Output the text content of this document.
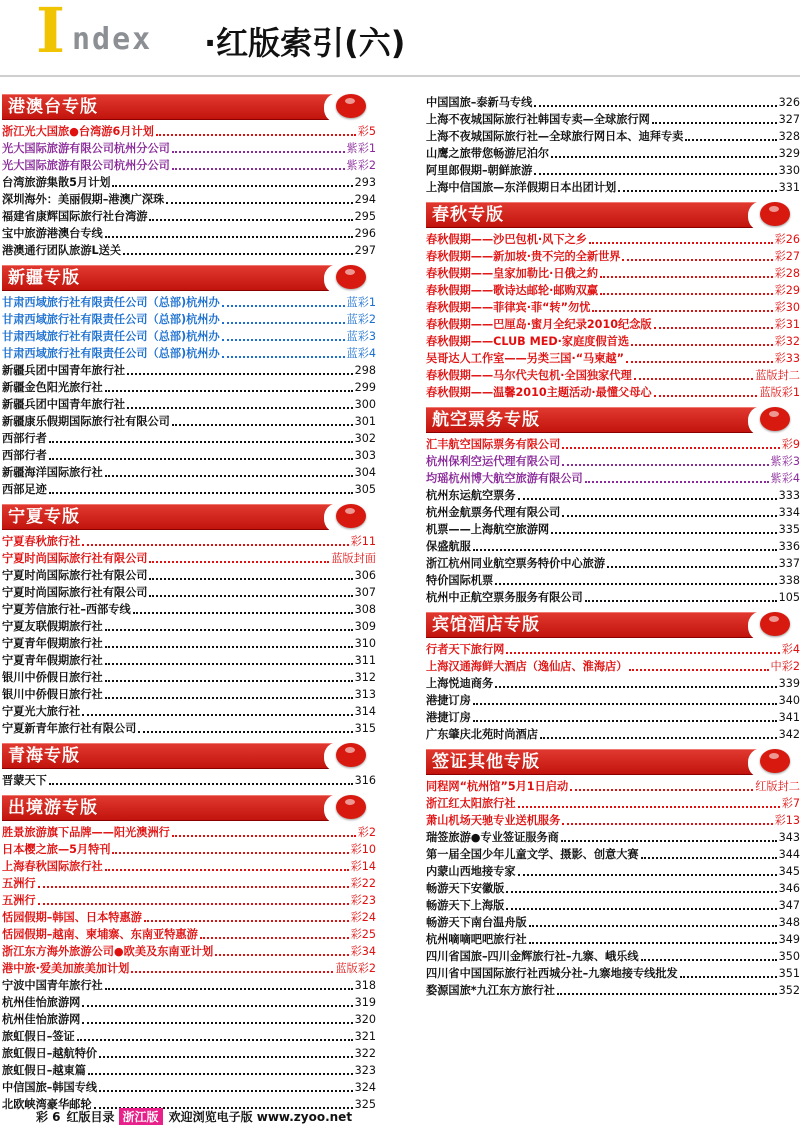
I ndex ·红版索引(六)
港澳台专版
浙江光大国旅●台湾游6月计划	彩5
光大国际旅游有限公司杭州分公司	紫彩1
光大国际旅游有限公司杭州分公司	紫彩2
台湾旅游集散5月计划	293
深圳海外：美丽假期–港澳广深珠	294
福建省康辉国际旅行社台湾游	295
宝中旅游港澳台专线	296
港澳通行团队旅游L送关	297
新疆专版
甘肃西域旅行社有限责任公司（总部)杭州办	蓝彩1
甘肃西域旅行社有限责任公司（总部)杭州办	蓝彩2
甘肃西域旅行社有限责任公司（总部)杭州办	蓝彩3
甘肃西域旅行社有限责任公司（总部)杭州办	蓝彩4
新疆兵团中国青年旅行社	298
新疆金色阳光旅行社	299
新疆兵团中国青年旅行社	300
新疆康乐假期国际旅行社有限公司	301
西部行者	302
西部行者	303
新疆海洋国际旅行社	304
西部足迹	305
宁夏专版
宁夏春秋旅行社	彩11
宁夏时尚国际旅行社有限公司	蓝版封面
宁夏时尚国际旅行社有限公司	306
宁夏时尚国际旅行社有限公司	307
宁夏芳信旅行社–西部专线	308
宁夏友联假期旅行社	309
宁夏青年假期旅行社	310
宁夏青年假期旅行社	311
银川中侨假日旅行社	312
银川中侨假日旅行社	313
宁夏光大旅行社	314
宁夏新青年旅行社有限公司	315
青海专版
晋蒙天下	316
出境游专版
胜景旅游旗下品牌——阳光澳洲行	彩2
日本樱之旅—5月特刊	彩10
上海春秋国际旅行社	彩14
五洲行	彩22
五洲行	彩23
恬园假期–韩国、日本特惠游	彩24
恬园假期–越南、柬埔寨、东南亚特惠游	彩25
浙江东方海外旅游公司●欧美及东南亚计划	彩34
港中旅·爱美加旅美加计划	蓝版彩2
宁波中国青年旅行社	318
杭州佳怡旅游网	319
杭州佳怡旅游网	320
旅虹假日–签证	321
旅虹假日–越航特价	322
旅虹假日–越東篇	323
中信国旅–韩国专线	324
北欧峡湾豪华邮轮	325
中国国旅–泰新马专线	326
上海不夜城国际旅行社韩国专卖—全球旅行网	327
上海不夜城国际旅行社—全球旅行网日本、迪拜专卖	328
山鹰之旅带您畅游尼泊尔	329
阿里郎假期–朝鲜旅游	330
上海中信国旅—东洋假期日本出团计划	331
春秋专版
春秋假期——沙巴包机·风下之乡	彩26
春秋假期——新加坡·贵不完的全新世界	彩27
春秋假期——皇家加勒比·日俄之約	彩28
春秋假期——歌诗达邮轮·邮购双赢	彩29
春秋假期——菲律宾·菲“转”勿忧	彩30
春秋假期——巴厘岛·蜜月全纪录2010纪念版	彩31
春秋假期——CLUB MED·家庭度假首选	彩32
吴哥达人工作室——另类三国·“马柬越”	彩33
春秋假期——马尔代夫包机·全国独家代理	蓝版封二
春秋假期——温馨2010主题活动·最懂父母心	蓝版彩1
航空票务专版
汇丰航空国际票务有限公司	彩9
杭州保利空运代理有限公司	紫彩3
均瑶杭州博大航空旅游有限公司	紫彩4
杭州东运航空票务	333
杭州金航票务代理有限公司	334
机票——上海航空旅游网	335
保盛航服	336
浙江杭州同业航空票务特价中心旅游	337
特价国际机票	338
杭州中正航空票务服务有限公司	105
宾馆酒店专版
行者天下旅行网	彩4
上海汉通海鲜大酒店（逸仙店、淮海店）	中彩2
上海悦迪商务	339
港捷订房	340
港捷订房	341
广东肇庆北苑时尚酒店	342
签证其他专版
同程网“杭州馆”5月1日启动	红版封二
浙江红太阳旅行社	彩7
萧山机场天驰专业送机服务	彩13
瑞签旅游●专业签证服务商	343
第一届全国少年儿童文学、摄影、创意大赛	344
内蒙山西地接专家	345
畅游天下安徽版	346
畅游天下上海版	347
畅游天下南台温舟版	348
杭州嘀嘀吧吧旅行社	349
四川省国旅–四川金辉旅行社–九寨、峨乐线	350
四川省中国国际旅行社西城分社–九寨地接专线批发	351
婺源国旅*九江东方旅行社	352
彩 6 红版目录 浙江版 欢迎浏览电子版 www.zyoo.net
